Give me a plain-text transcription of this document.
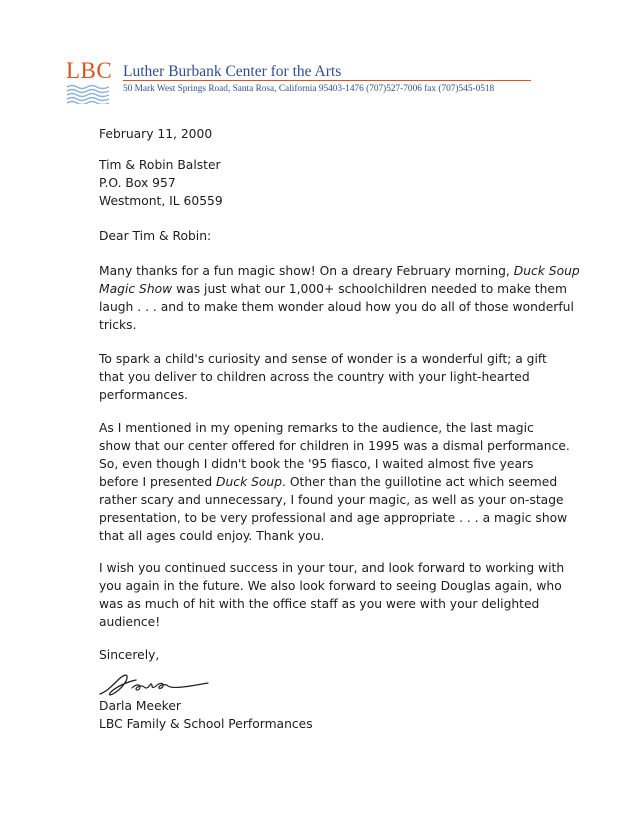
LBC Luther Burbank Center for the Arts
50 Mark West Springs Road, Santa Rosa, California 95403-1476 (707)527-7006 fax (707)545-0518
February 11, 2000
Tim & Robin Balster
P.O. Box 957
Westmont, IL 60559
Dear Tim & Robin:
Many thanks for a fun magic show! On a dreary February morning, Duck Soup
Magic Show was just what our 1,000+ schoolchildren needed to make them
laugh . . . and to make them wonder aloud how you do all of those wonderful
tricks.
To spark a child's curiosity and sense of wonder is a wonderful gift; a gift
that you deliver to children across the country with your light-hearted
performances.
As I mentioned in my opening remarks to the audience, the last magic
show that our center offered for children in 1995 was a dismal performance.
So, even though I didn't book the '95 fiasco, I waited almost five years
before I presented Duck Soup. Other than the guillotine act which seemed
rather scary and unnecessary, I found your magic, as well as your on-stage
presentation, to be very professional and age appropriate . . . a magic show
that all ages could enjoy. Thank you.
I wish you continued success in your tour, and look forward to working with
you again in the future. We also look forward to seeing Douglas again, who
was as much of hit with the office staff as you were with your delighted
audience!
Sincerely,
Darla Meeker
LBC Family & School Performances
